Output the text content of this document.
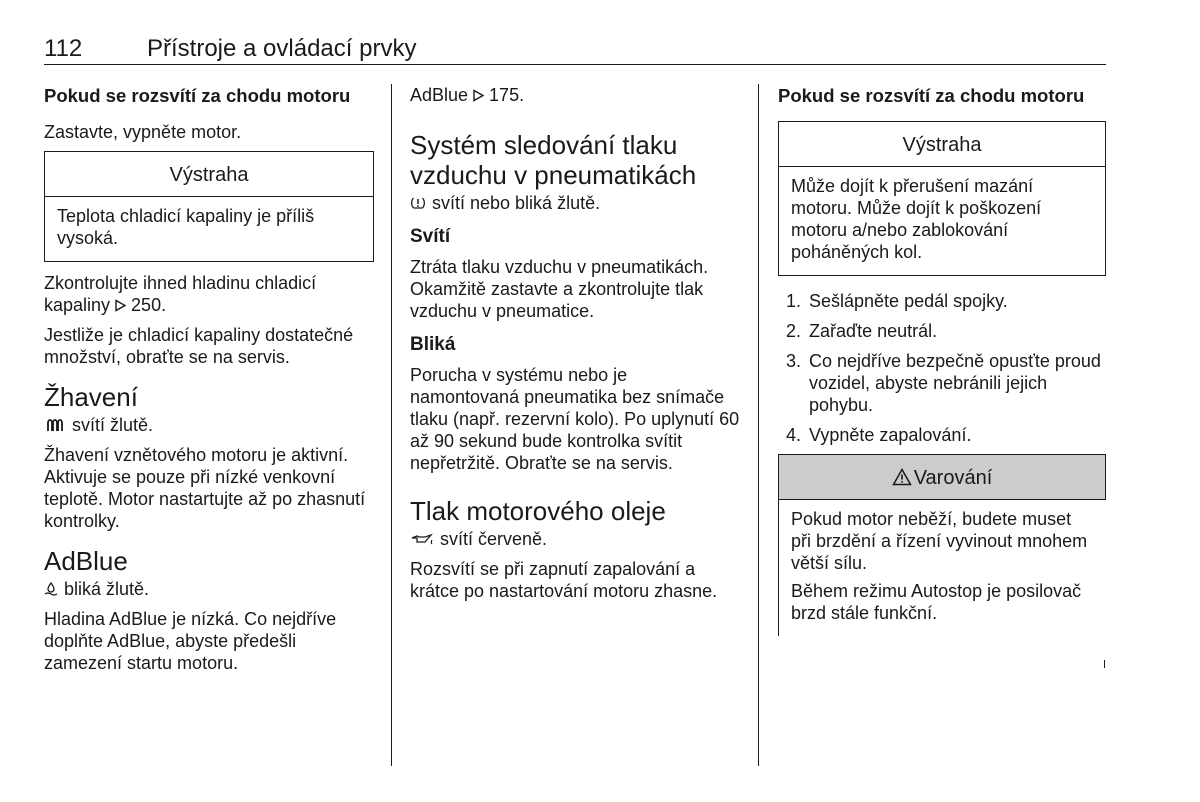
112	Přístroje a ovládací prvky
Pokud se rozsvítí za chodu motoru

Zastavte, vypněte motor.

Výstraha

Teplota chladicí kapaliny je příliš vysoká.

Zkontrolujte ihned hladinu chladicí kapaliny 250.

Jestliže je chladicí kapaliny dostatečné množství, obraťte se na servis.

Žhavení

svítí žlutě.

Žhavení vznětového motoru je aktivní. Aktivuje se pouze při nízké venkovní teplotě. Motor nastartujte až po zhasnutí kontrolky.

AdBlue

bliká žlutě.

Hladina AdBlue je nízká. Co nejdříve doplňte AdBlue, abyste předešli zamezení startu motoru.

AdBlue 175.

Systém sledování tlaku vzduchu v pneumatikách

svítí nebo bliká žlutě.

Svítí

Ztráta tlaku vzduchu v pneumatikách. Okamžitě zastavte a zkontrolujte tlak vzduchu v pneumatice.

Bliká

Porucha v systému nebo je namontovaná pneumatika bez snímače tlaku (např. rezervní kolo). Po uplynutí 60 až 90 sekund bude kontrolka svítit nepřetržitě. Obraťte se na servis.

Tlak motorového oleje

svítí červeně.

Rozsvítí se při zapnutí zapalování a krátce po nastartování motoru zhasne.

Pokud se rozsvítí za chodu motoru
Výstraha

Může dojít k přerušení mazání motoru. Může dojít k poškození motoru a/nebo zablokování poháněných kol.

1. Sešlápněte pedál spojky.
2. Zařaďte neutrál.
3. Co nejdříve bezpečně opusťte proud vozidel, abyste nebránili jejich pohybu.
4. Vypněte zapalování.
Varování

Pokud motor neběží, budete muset při brzdění a řízení vyvinout mnohem větší sílu.

Během režimu Autostop je posilovač brzd stále funkční.
